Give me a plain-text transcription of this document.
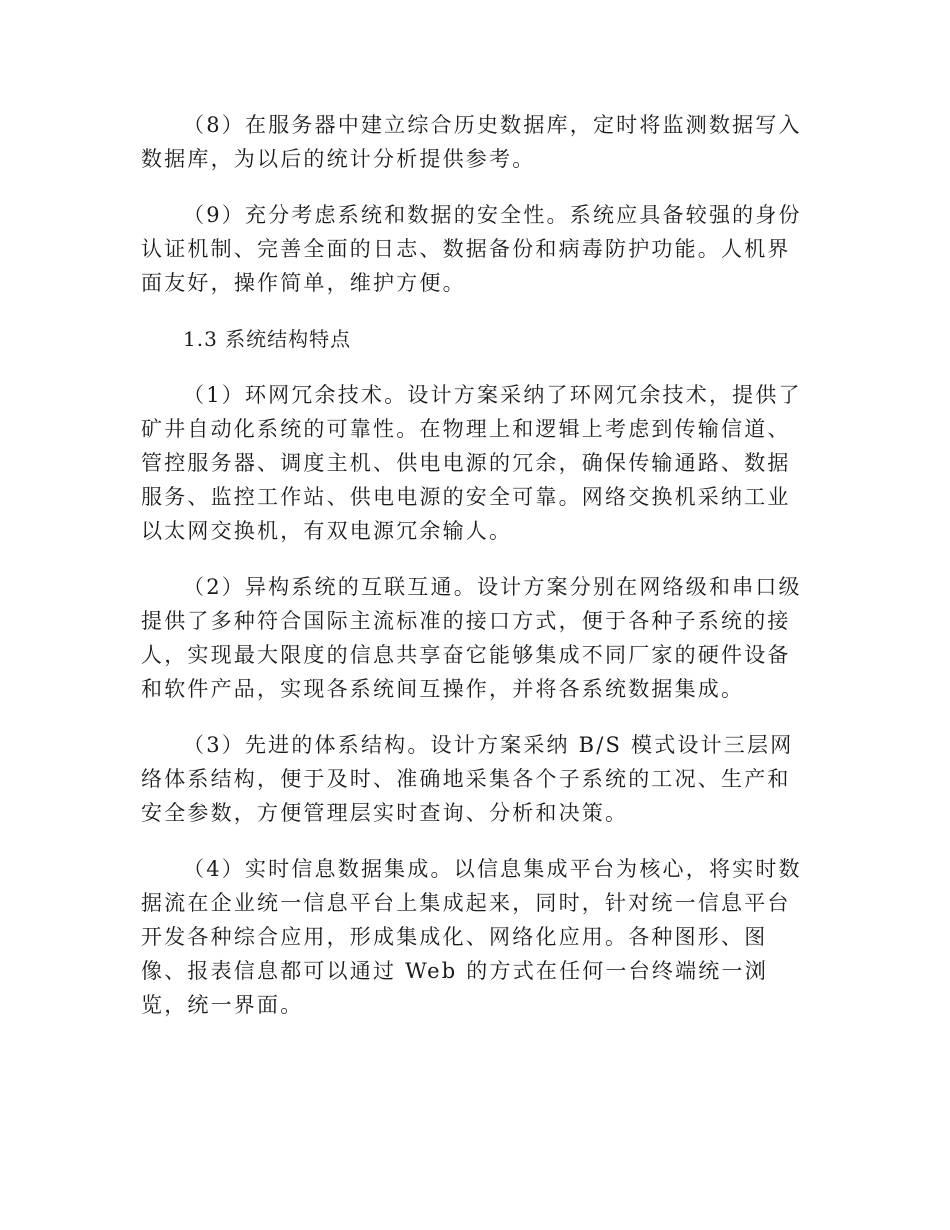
（8）在服务器中建立综合历史数据库，定时将监测数据写入数据库，为以后的统计分析提供参考。

（9）充分考虑系统和数据的安全性。系统应具备较强的身份认证机制、完善全面的日志、数据备份和病毒防护功能。人机界面友好，操作简单，维护方便。

1.3 系统结构特点

（1）环网冗余技术。设计方案采纳了环网冗余技术，提供了矿井自动化系统的可靠性。在物理上和逻辑上考虑到传输信道、管控服务器、调度主机、供电电源的冗余，确保传输通路、数据服务、监控工作站、供电电源的安全可靠。网络交换机采纳工业以太网交换机，有双电源冗余输人。

（2）异构系统的互联互通。设计方案分别在网络级和串口级提供了多种符合国际主流标准的接口方式，便于各种子系统的接人，实现最大限度的信息共享奋它能够集成不同厂家的硬件设备和软件产品，实现各系统间互操作，并将各系统数据集成。

（3）先进的体系结构。设计方案采纳 B/S 模式设计三层网络体系结构，便于及时、准确地采集各个子系统的工况、生产和安全参数，方便管理层实时查询、分析和决策。

（4）实时信息数据集成。以信息集成平台为核心，将实时数据流在企业统一信息平台上集成起来，同时，针对统一信息平台开发各种综合应用，形成集成化、网络化应用。各种图形、图像、报表信息都可以通过 Web 的方式在任何一台终端统一浏览，统一界面。
